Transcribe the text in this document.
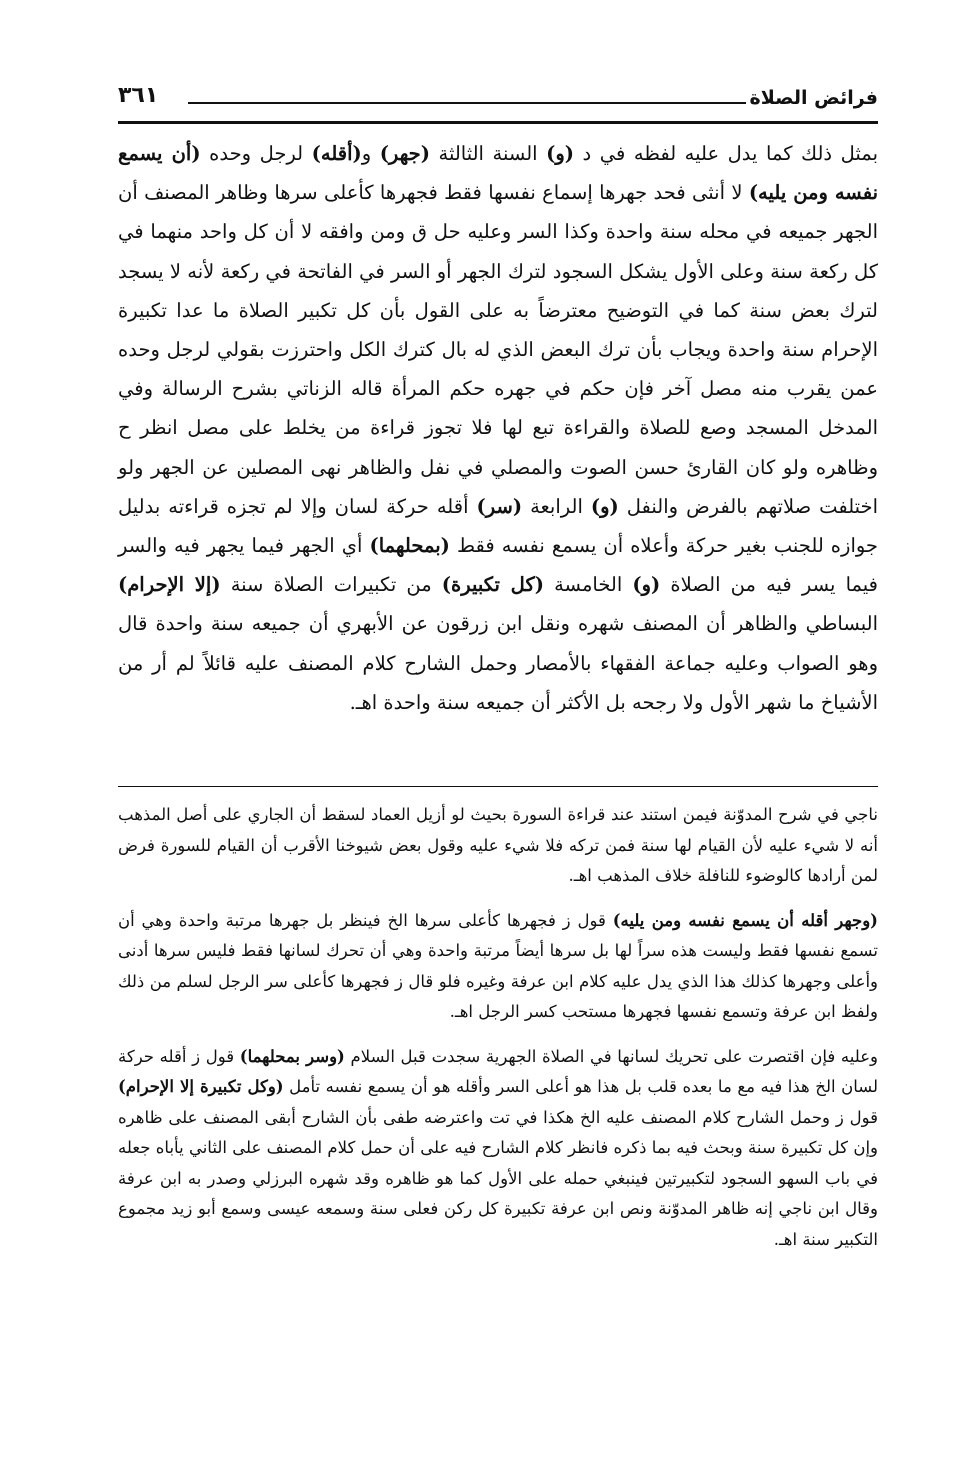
فرائض الصلاة
٣٦١

بمثل ذلك كما يدل عليه لفظه في د (و) السنة الثالثة (جهر) و(أقله) لرجل وحده (أن يسمع نفسه ومن يليه) لا أنثى فحد جهرها إسماع نفسها فقط فجهرها كأعلى سرها وظاهر المصنف أن الجهر جميعه في محله سنة واحدة وكذا السر وعليه حل ق ومن وافقه لا أن كل واحد منهما في كل ركعة سنة وعلى الأول يشكل السجود لترك الجهر أو السر في الفاتحة في ركعة لأنه لا يسجد لترك بعض سنة كما في التوضيح معترضاً به على القول بأن كل تكبير الصلاة ما عدا تكبيرة الإحرام سنة واحدة ويجاب بأن ترك البعض الذي له بال كترك الكل واحترزت بقولي لرجل وحده عمن يقرب منه مصل آخر فإن حكم في جهره حكم المرأة قاله الزناتي بشرح الرسالة وفي المدخل المسجد وصع للصلاة والقراءة تبع لها فلا تجوز قراءة من يخلط على مصل انظر ح وظاهره ولو كان القارئ حسن الصوت والمصلي في نفل والظاهر نهى المصلين عن الجهر ولو اختلفت صلاتهم بالفرض والنفل (و) الرابعة (سر) أقله حركة لسان وإلا لم تجزه قراءته بدليل جوازه للجنب بغير حركة وأعلاه أن يسمع نفسه فقط (بمحلهما) أي الجهر فيما يجهر فيه والسر فيما يسر فيه من الصلاة (و) الخامسة (كل تكبيرة) من تكبيرات الصلاة سنة (إلا الإحرام) البساطي والظاهر أن المصنف شهره ونقل ابن زرقون عن الأبهري أن جميعه سنة واحدة قال وهو الصواب وعليه جماعة الفقهاء بالأمصار وحمل الشارح كلام المصنف عليه قائلاً لم أر من الأشياخ ما شهر الأول ولا رجحه بل الأكثر أن جميعه سنة واحدة اهـ.

ناجي في شرح المدوّنة فيمن استند عند قراءة السورة بحيث لو أزيل العماد لسقط أن الجاري على أصل المذهب أنه لا شيء عليه لأن القيام لها سنة فمن تركه فلا شيء عليه وقول بعض شيوخنا الأقرب أن القيام للسورة فرض لمن أرادها كالوضوء للنافلة خلاف المذهب اهـ.

(وجهر أقله أن يسمع نفسه ومن يليه) قول ز فجهرها كأعلى سرها الخ فينظر بل جهرها مرتبة واحدة وهي أن تسمع نفسها فقط وليست هذه سراً لها بل سرها أيضاً مرتبة واحدة وهي أن تحرك لسانها فقط فليس سرها أدنى وأعلى وجهرها كذلك هذا الذي يدل عليه كلام ابن عرفة وغيره فلو قال ز فجهرها كأعلى سر الرجل لسلم من ذلك ولفظ ابن عرفة وتسمع نفسها فجهرها مستحب كسر الرجل اهـ.

وعليه فإن اقتصرت على تحريك لسانها في الصلاة الجهرية سجدت قبل السلام (وسر بمحلهما) قول ز أقله حركة لسان الخ هذا فيه مع ما بعده قلب بل هذا هو أعلى السر وأقله هو أن يسمع نفسه تأمل (وكل تكبيرة إلا الإحرام) قول ز وحمل الشارح كلام المصنف عليه الخ هكذا في تت واعترضه طفى بأن الشارح أبقى المصنف على ظاهره وإن كل تكبيرة سنة وبحث فيه بما ذكره فانظر كلام الشارح فيه على أن حمل كلام المصنف على الثاني يأباه جعله في باب السهو السجود لتكبيرتين فينبغي حمله على الأول كما هو ظاهره وقد شهره البرزلي وصدر به ابن عرفة وقال ابن ناجي إنه ظاهر المدوّنة ونص ابن عرفة تكبيرة كل ركن فعلى سنة وسمعه عيسى وسمع أبو زيد مجموع التكبير سنة اهـ.
